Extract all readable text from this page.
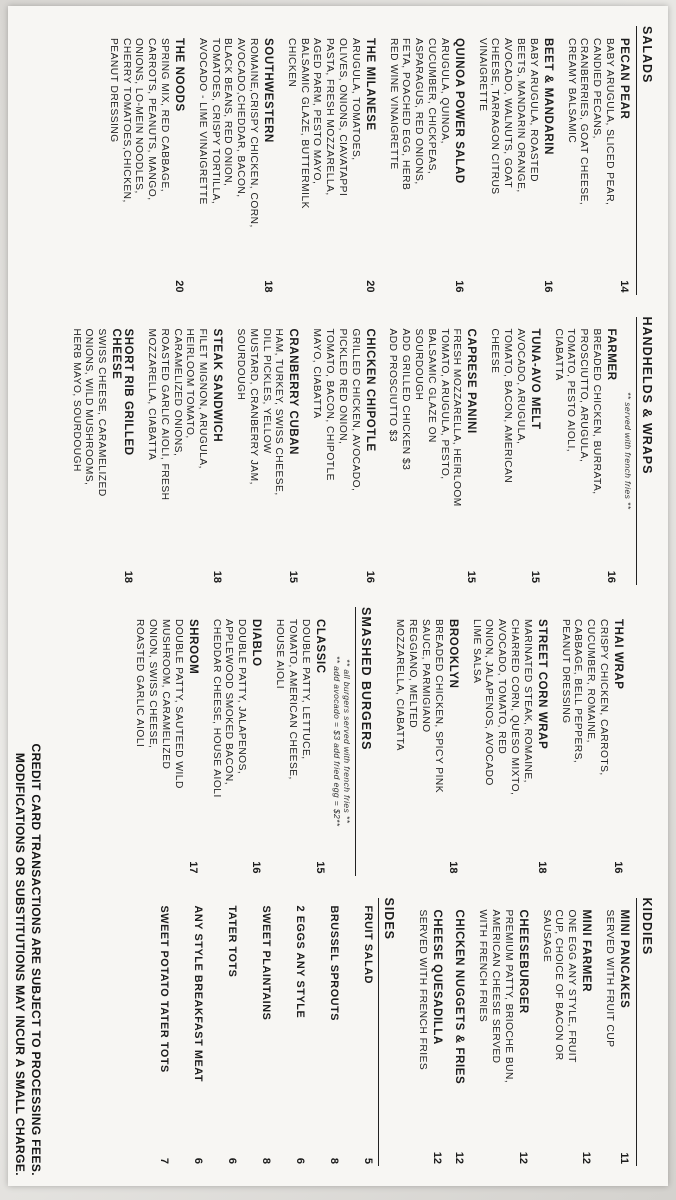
SALADS
PECAN PEAR
14
BABY ARUGULA, SLICED PEAR,
CANDIED PECANS,
CRANBERRIES, GOAT CHEESE,
CREAMY BALSAMIC
BEET & MANDARIN
16
BABY ARUGULA, ROASTED
BEETS, MANDARIN ORANGE,
AVOCADO, WALNUTS, GOAT
CHEESE, TARRAGON CITRUS
VINAIGRETTE
QUINOA POWER SALAD
16
ARUGULA, QUINOA,
CUCUMBER, CHICKPEAS,
ASPARAGUS, RED ONIONS,
FETA, POACHED EGG, HERB
RED WINE VINAIGRETTE
THE MILANESE
20
ARUGULA, TOMATOES,
OLIVES, ONIONS, CIAVATAPPI
PASTA, FRESH MOZZARELLA,
AGED PARM, PESTO MAYO,
BALSAMIC GLAZE, BUTTERMILK
CHICKEN
SOUTHWESTERN
18
ROMAINE,CRISPY CHICKEN, CORN,
AVOCADO,CHEDDAR, BACON,
BLACK BEANS, RED ONION,
TOMATOES, CRISPY TORTILLA,
AVOCADO - LIME VINAIGRETTE
THE NOODS
20
SPRING MIX, RED CABBAGE,
CARROTS, PEANUTS, MANGO,
ONIONS, LO-MEIN NOODLES,
CHERRY TOMATOES,CHICKEN,
PEANUT DRESSING
HANDHELDS & WRAPS
** served with french fries **
FARMER
16
BREADED CHICKEN, BURRATA,
PROSCIUTTO, ARUGULA,
TOMATO, PESTO AIOLI,
CIABATTA
TUNA-AVO MELT
15
AVOCADO, ARUGULA,
TOMATO, BACON, AMERICAN
CHEESE
CAPRESE PANINI
15
FRESH MOZZARELLA, HEIRLOOM
TOMATO, ARUGULA, PESTO,
BALSAMIC GLAZE ON
SOURDOUGH
ADD GRILLED CHICKEN $3
ADD PROSCIUTTO $3
CHICKEN CHIPOTLE
16
GRILLED CHICKEN, AVOCADO,
PICKLED RED ONION,
TOMATO, BACON, CHIPOTLE
MAYO, CIABATTA
CRANBERRY CUBAN
15
HAM, TURKEY, SWISS CHEESE,
DILL PICKLES, YELLOW
MUSTARD, CRANBERRY JAM,
SOURDOUGH
STEAK SANDWICH
18
FILET MIGNON, ARUGULA,
HEIRLOOM TOMATO,
CARAMELIZED ONIONS,
ROASTED GARLIC AIOLI, FRESH
MOZZARELLA, CIABATTA
SHORT RIB GRILLED
CHEESE
18
SWISS CHEESE, CARAMELIZED
ONIONS, WILD MUSHROOMS,
HERB MAYO, SOURDOUGH
THAI WRAP
16
CRISPY CHICKEN, CARROTS,
CUCUMBER, ROMAINE,
CABBAGE, BELL PEPPERS,
PEANUT DRESSING
STREET CORN WRAP
18
MARINATED STEAK, ROMAINE,
CHARRED CORN, QUESO MIXTO,
AVOCADO, TOMATO, RED
ONION, JALAPENOS, AVOCADO
LIME SALSA
BROOKLYN
18
BREADED CHICKEN, SPICY PINK
SAUCE, PARMIGIANO
REGGIANO, MELTED
MOZZARELLA, CIABATTA
SMASHED BURGERS
** all burgers served with french fries **
** add avocado = $3 add fried egg = $2**
CLASSIC
15
DOUBLE PATTY, LETTUCE,
TOMATO, AMERICAN CHEESE,
HOUSE AIOLI
DIABLO
16
DOUBLE PATTY, JALAPENOS,
APPLEWOOD SMOKED BACON,
CHEDDAR CHEESE, HOUSE AIOLI
SHROOM
17
DOUBLE PATTY, SAUTEED WILD
MUSHROOM, CARAMELIZED
ONION, SWISS CHEESE,
ROASTED GARLIC AIOLI
KIDDIES
MINI PANCAKES
11
SERVED WITH FRUIT CUP
MINI FARMER
12
ONE EGG ANY STYLE, FRUIT
CUP, CHOICE OF BACON OR
SAUSAGE
CHEESEBURGER
12
PREMIUM PATTY, BRIOCHE BUN,
AMERICAN CHEESE SERVED
WITH FRENCH FRIES
CHICKEN NUGGETS & FRIES
12
CHEESE QUESADILLA
12
SERVED WITH FRENCH FRIES
SIDES
FRUIT SALAD
5
BRUSSEL SPROUTS
8
2 EGGS ANY STYLE
6
SWEET PLAINTAINS
8
TATER TOTS
6
ANY STYLE BREAKFAST MEAT
6
SWEET POTATO TATER TOTS
7
CREDIT CARD TRANSACTIONS ARE SUBJECT TO PROCESSING FEES.
MODIFICATIONS OR SUBSTITUTIONS MAY INCUR A SMALL CHARGE.
